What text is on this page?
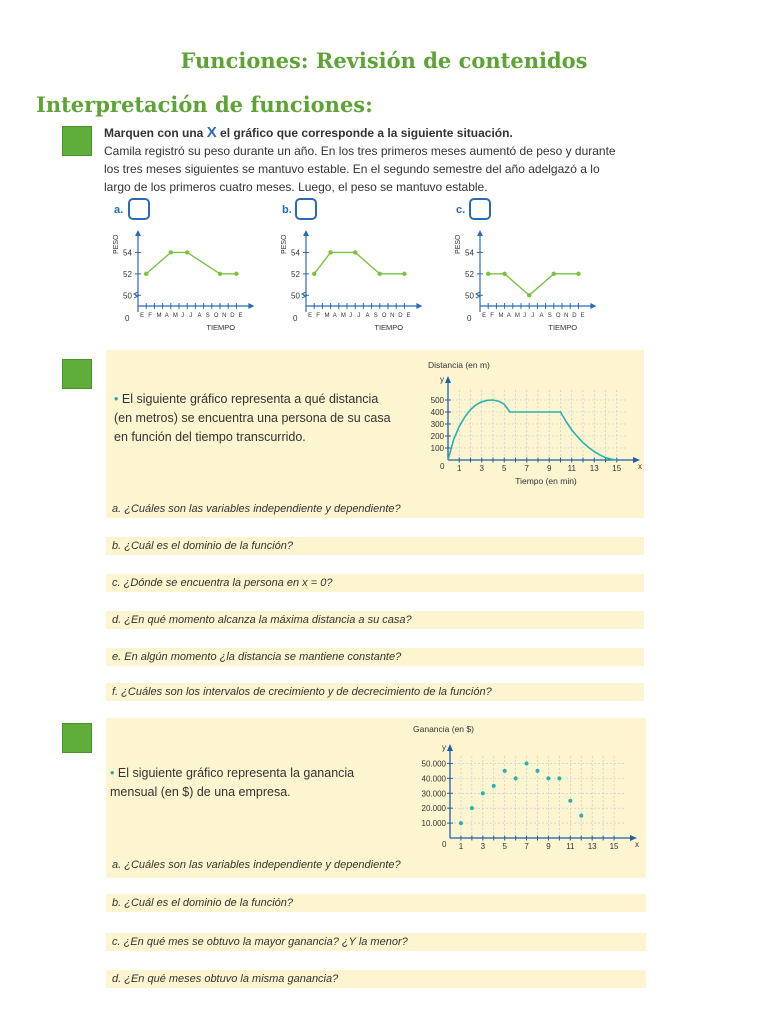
Funciones: Revisión de contenidos
Interpretación de funciones:
Marquen con una X el gráfico que corresponde a la siguiente situación.
Camila registró su peso durante un año. En los tres primeros meses aumentó de peso y durante los tres meses siguientes se mantuvo estable. En el segundo semestre del año adelgazó a lo largo de los primeros cuatro meses. Luego, el peso se mantuvo estable.
a.	b.	c.
0
PESO
TIEMPO
50
52
54
E F M A M J J A S O N D E	0
PESO
TIEMPO
50
52
54
E F M A M J J A S O N D E	0
PESO
TIEMPO
50
52
54
E F M A M J J A S O N D E
• El siguiente gráfico representa a qué distancia (en metros) se encuentra una persona de su casa en función del tiempo transcurrido.
Distancia (en m)
y
x
0
100
200
300
400
500
1 3 5 7 9 11 13 15
Tiempo (en min)
a. ¿Cuáles son las variables independiente y dependiente?
b. ¿Cuál es el dominio de la función?
c. ¿Dónde se encuentra la persona en x = 0?
d. ¿En qué momento alcanza la máxima distancia a su casa?
e. En algún momento ¿la distancia se mantiene constante?
f. ¿Cuáles son los intervalos de crecimiento y de decrecimiento de la función?
• El siguiente gráfico representa la ganancia mensual (en $) de una empresa.
Ganancia (en $)
y
x
0
10.000
20.000
30.000
40.000
50.000
1 3 5 7 9 11 13 15
a. ¿Cuáles son las variables independiente y dependiente?
b. ¿Cuál es el dominio de la función?
c. ¿En qué mes se obtuvo la mayor ganancia? ¿Y la menor?
d. ¿En qué meses obtuvo la misma ganancia?
